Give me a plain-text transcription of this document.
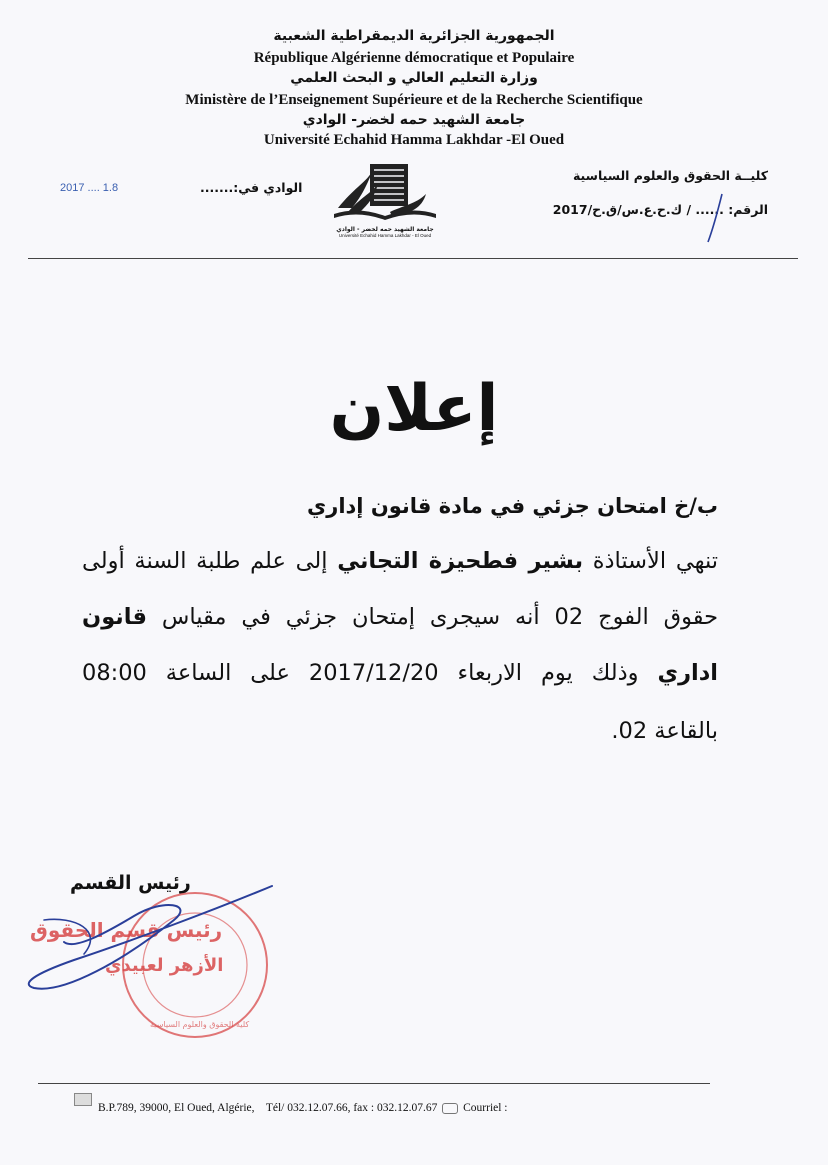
الجمهورية الجزائرية الديمقراطية الشعبية
République Algérienne démocratique et Populaire
وزارة التعليم العالي و البحث العلمي
Ministère de l’Enseignement Supérieure et de la Recherche Scientifique
جامعة الشهيد حمه لخضر- الوادي
Université Echahid Hamma Lakhdar -El Oued
كليــة الحقوق والعلوم السياسية
الرقم: ...... / ك.ح.ع.س/ق.ح/2017
الوادي في:.......
2017 .... 1.8
جامعة الشهيد حمه لخضر - الوادي
Université Echahid Hamma Lakhdar - El Oued
إعلان
ب/خ امتحان جزئي في مادة قانون إداري
تنهي الأستاذة بشير فطحيزة التجاني إلى علم طلبة السنة أولى
حقوق الفوج 02 أنه سيجرى إمتحان جزئي في مقياس قانون
اداري وذلك يوم الاربعاء 2017/12/20 على الساعة 08:00
بالقاعة 02.
رئيس القسم
كلية الحقوق والعلوم السياسية
رئيس قسم الحقوق
الأزهر لعبيدي
B.P.789, 39000, El Oued, Algérie, Tél/ 032.12.07.66, fax : 032.12.07.67 Courriel :
